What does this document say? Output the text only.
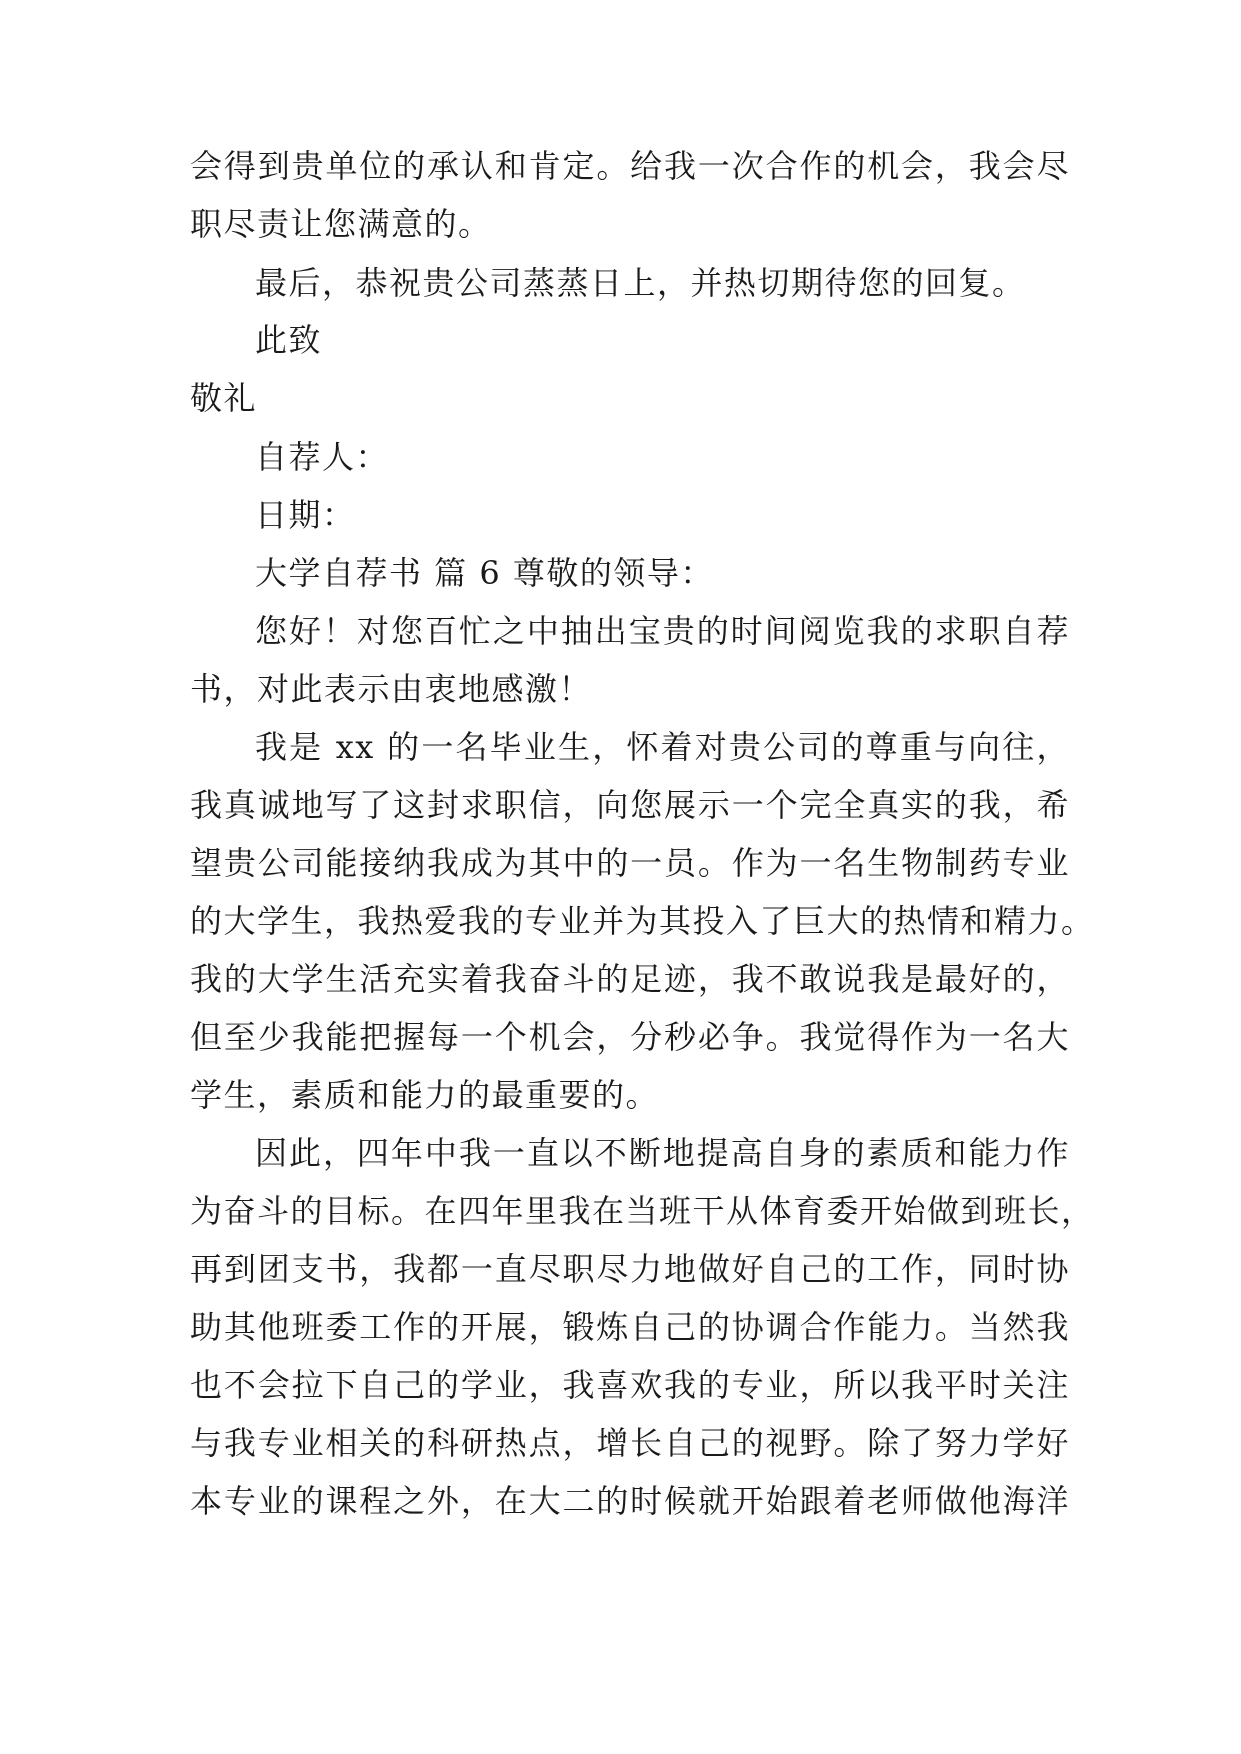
会得到贵单位的承认和肯定。给我一次合作的机会，我会尽
职尽责让您满意的。
最后，恭祝贵公司蒸蒸日上，并热切期待您的回复。
此致
敬礼
自荐人：
日期：
大学自荐书 篇 6 尊敬的领导：
您好！对您百忙之中抽出宝贵的时间阅览我的求职自荐
书，对此表示由衷地感激！
我是 xx 的一名毕业生，怀着对贵公司的尊重与向往，
我真诚地写了这封求职信，向您展示一个完全真实的我，希
望贵公司能接纳我成为其中的一员。作为一名生物制药专业
的大学生，我热爱我的专业并为其投入了巨大的热情和精力。
我的大学生活充实着我奋斗的足迹，我不敢说我是最好的，
但至少我能把握每一个机会，分秒必争。我觉得作为一名大
学生，素质和能力的最重要的。
因此，四年中我一直以不断地提高自身的素质和能力作
为奋斗的目标。在四年里我在当班干从体育委开始做到班长，
再到团支书，我都一直尽职尽力地做好自己的工作，同时协
助其他班委工作的开展，锻炼自己的协调合作能力。当然我
也不会拉下自己的学业，我喜欢我的专业，所以我平时关注
与我专业相关的科研热点，增长自己的视野。除了努力学好
本专业的课程之外，在大二的时候就开始跟着老师做他海洋
